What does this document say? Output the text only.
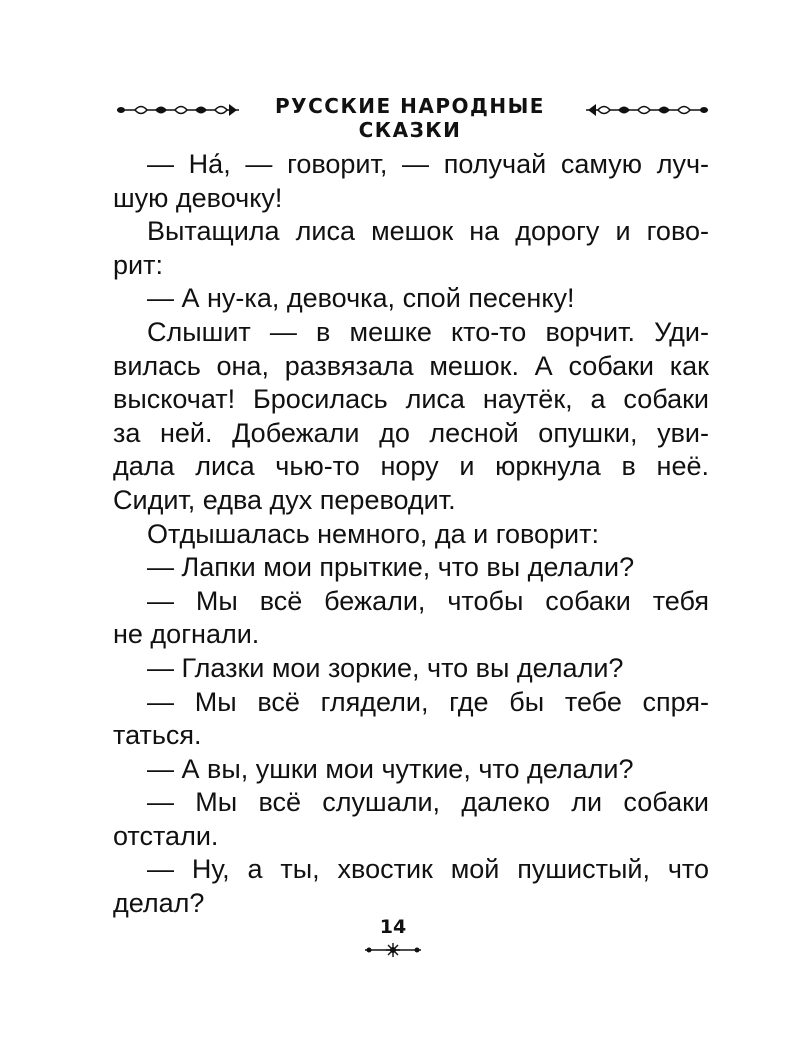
РУССКИЕ НАРОДНЫЕ СКАЗКИ
— На́, — говорит, — получай самую луч-
шую девочку!
Вытащила лиса мешок на дорогу и гово-
рит:
— А ну-ка, девочка, спой песенку!
Слышит — в мешке кто-то ворчит. Уди-
вилась она, развязала мешок. А собаки как
выскочат! Бросилась лиса наутёк, а собаки
за ней. Добежали до лесной опушки, уви-
дала лиса чью-то нору и юркнула в неё.
Сидит, едва дух переводит.
Отдышалась немного, да и говорит:
— Лапки мои прыткие, что вы делали?
— Мы всё бежали, чтобы собаки тебя
не догнали.
— Глазки мои зоркие, что вы делали?
— Мы всё глядели, где бы тебе спря-
таться.
— А вы, ушки мои чуткие, что делали?
— Мы всё слушали, далеко ли собаки
отстали.
— Ну, а ты, хвостик мой пушистый, что
делал?
14
